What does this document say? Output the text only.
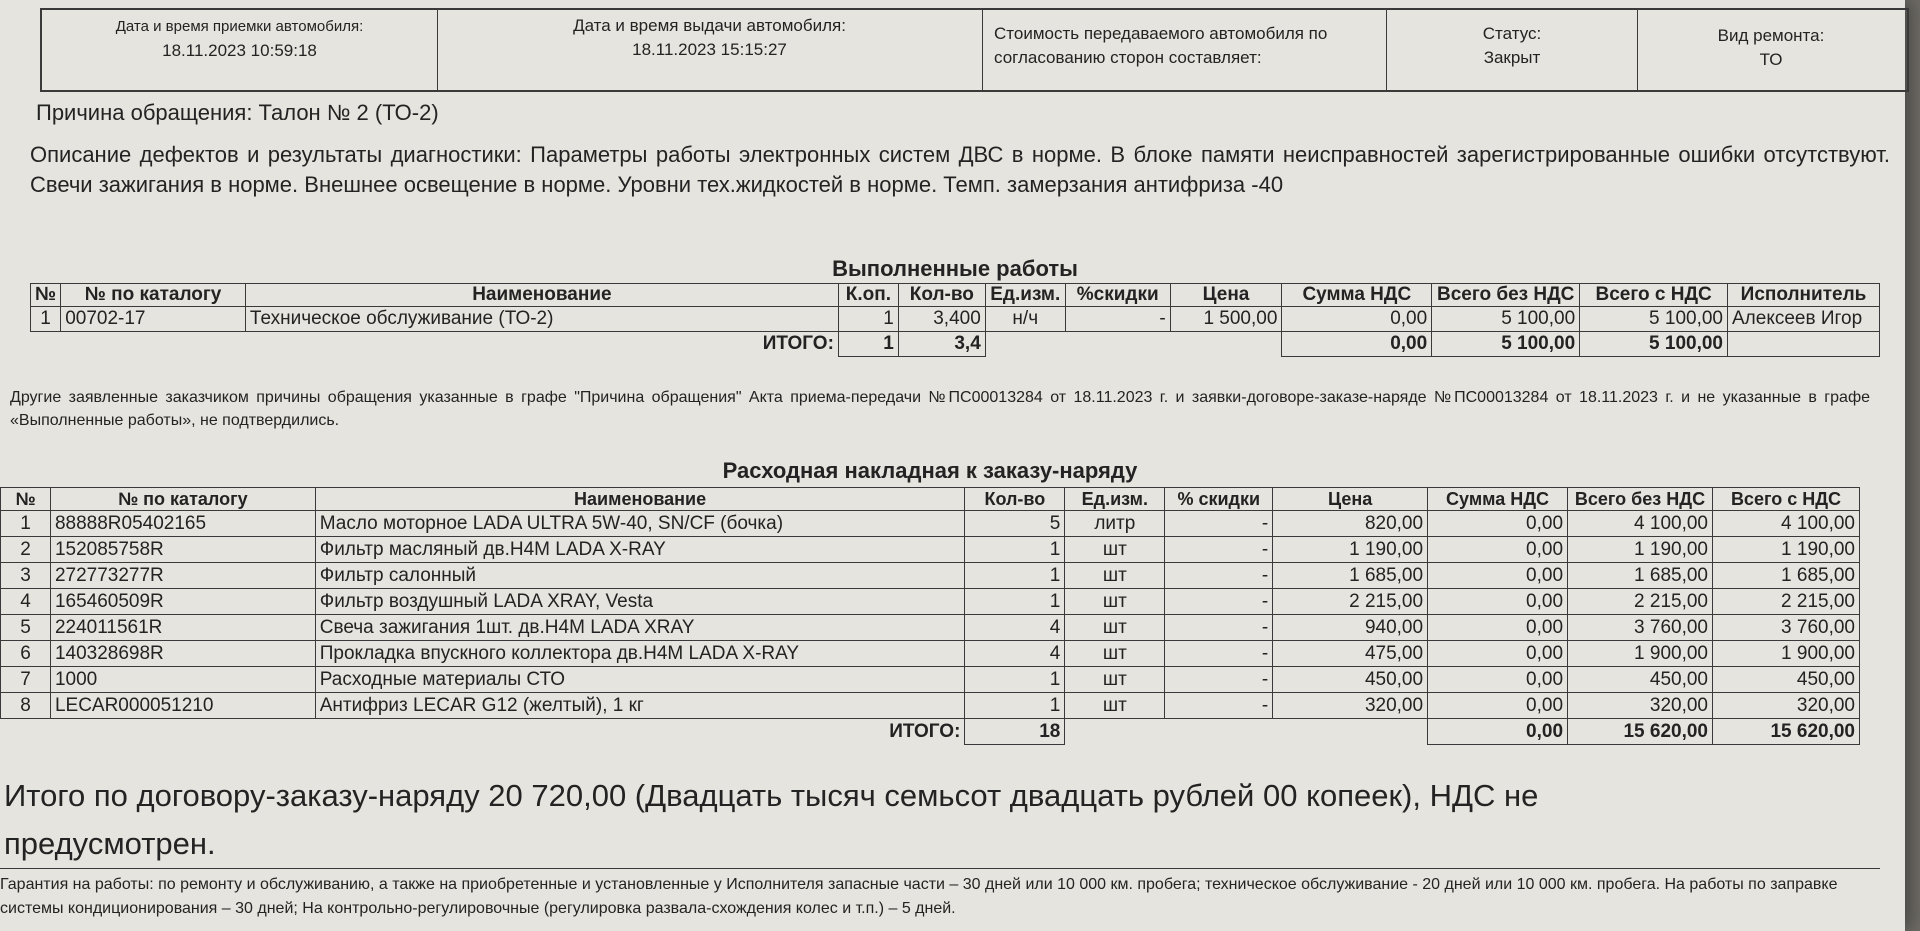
Дата и время приемки автомобиля:
18.11.2023 10:59:18
Дата и время выдачи автомобиля:
18.11.2023 15:15:27
Стоимость передаваемого автомобиля по
согласованию сторон составляет:
Статус:
Закрыт
Вид ремонта:
ТО
Причина обращения: Талон № 2 (ТО-2)
Описание дефектов и результаты диагностики: Параметры работы электронных систем ДВС в норме. В блоке памяти неисправностей зарегистрированные ошибки отсутствуют. Свечи зажигания в норме. Внешнее освещение в норме. Уровни тех.жидкостей в норме. Темп. замерзания антифриза -40
Выполненные работы
№	№ по каталогу	Наименование	К.оп.	Кол-во	Ед.изм.	%скидки	Цена	Сумма НДС	Всего без НДС	Всего с НДС	Исполнитель
1	00702-17	Техническое обслуживание (ТО-2)	1	3,400	н/ч	-	1 500,00	0,00	5 100,00	5 100,00	Алексеев Игор
ИТОГО:			1	3,4				0,00	5 100,00	5 100,00	
Другие заявленные заказчиком причины обращения указанные в графе "Причина обращения" Акта приема-передачи №ПС00013284 от 18.11.2023 г. и заявки-договоре-заказе-наряде №ПС00013284 от 18.11.2023 г. и не указанные в графе «Выполненные работы», не подтвердились.
Расходная накладная к заказу-наряду
№	№ по каталогу	Наименование	Кол-во	Ед.изм.	% скидки	Цена	Сумма НДС	Всего без НДС	Всего с НДС
1	88888R05402165	Масло моторное LADA ULTRA 5W-40, SN/CF (бочка)	5	литр	-	820,00	0,00	4 100,00	4 100,00
2	152085758R	Фильтр масляный дв.H4M LADA X-RAY	1	шт	-	1 190,00	0,00	1 190,00	1 190,00
3	272773277R	Фильтр салонный	1	шт	-	1 685,00	0,00	1 685,00	1 685,00
4	165460509R	Фильтр воздушный LADA XRAY, Vesta	1	шт	-	2 215,00	0,00	2 215,00	2 215,00
5	224011561R	Свеча зажигания 1шт. дв.H4M LADA XRAY	4	шт	-	940,00	0,00	3 760,00	3 760,00
6	140328698R	Прокладка впускного коллектора дв.H4M LADA X-RAY	4	шт	-	475,00	0,00	1 900,00	1 900,00
7	1000	Расходные материалы СТО	1	шт	-	450,00	0,00	450,00	450,00
8	LECAR000051210	Антифриз LECAR G12 (желтый), 1 кг	1	шт	-	320,00	0,00	320,00	320,00
ИТОГО:			18				0,00	15 620,00	15 620,00
Итого по договору-заказу-наряду 20 720,00 (Двадцать тысяч семьсот двадцать рублей 00 копеек), НДС не предусмотрен.
Гарантия на работы: по ремонту и обслуживанию, а также на приобретенные и установленные у Исполнителя запасные части – 30 дней или 10 000 км. пробега; техническое обслуживание - 20 дней или 10 000 км. пробега. На работы по заправке системы кондиционирования – 30 дней; На контрольно-регулировочные (регулировка развала-схождения колес и т.п.) – 5 дней.
